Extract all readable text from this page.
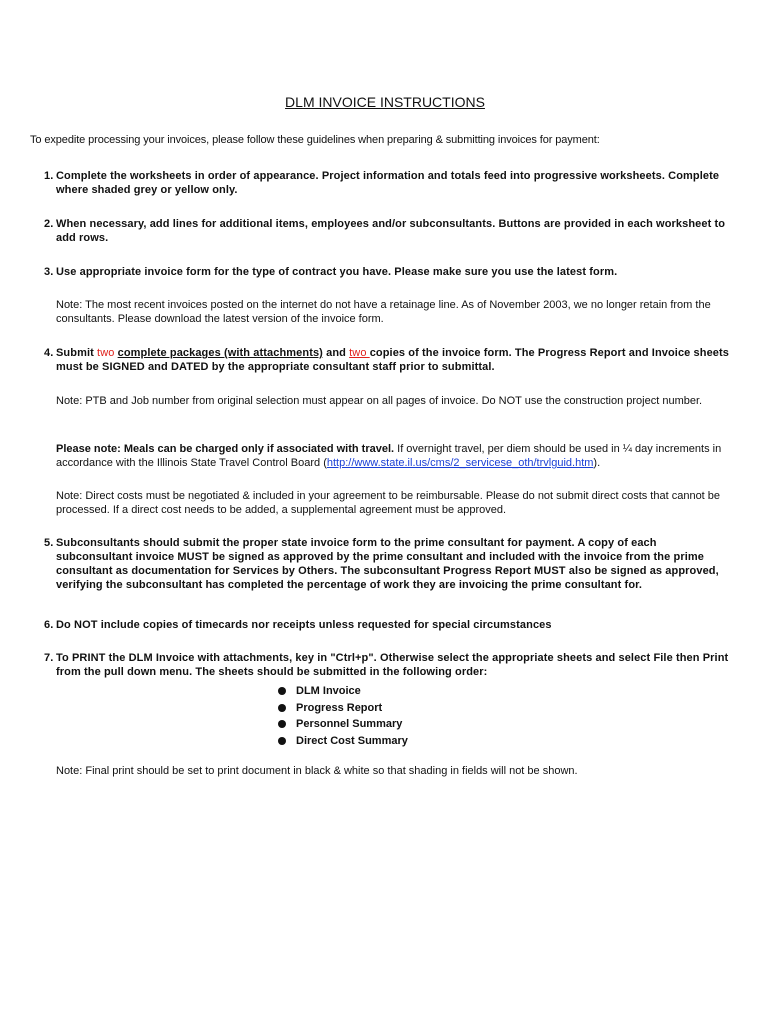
DLM INVOICE INSTRUCTIONS
To expedite processing your invoices, please follow these guidelines when preparing & submitting invoices for payment:
1. Complete the worksheets in order of appearance. Project information and totals feed into progressive worksheets. Complete where shaded grey or yellow only.
2. When necessary, add lines for additional items, employees and/or subconsultants. Buttons are provided in each worksheet to add rows.
3. Use appropriate invoice form for the type of contract you have. Please make sure you use the latest form.
Note: The most recent invoices posted on the internet do not have a retainage line. As of November 2003, we no longer retain from the consultants. Please download the latest version of the invoice form.
4. Submit two complete packages (with attachments) and two copies of the invoice form. The Progress Report and Invoice sheets must be SIGNED and DATED by the appropriate consultant staff prior to submittal.
Note: PTB and Job number from original selection must appear on all pages of invoice. Do NOT use the construction project number.
Please note: Meals can be charged only if associated with travel. If overnight travel, per diem should be used in ¼ day increments in accordance with the Illinois State Travel Control Board (http://www.state.il.us/cms/2_servicese_oth/trvlguid.htm).
Note: Direct costs must be negotiated & included in your agreement to be reimbursable. Please do not submit direct costs that cannot be processed. If a direct cost needs to be added, a supplemental agreement must be approved.
5. Subconsultants should submit the proper state invoice form to the prime consultant for payment. A copy of each subconsultant invoice MUST be signed as approved by the prime consultant and included with the invoice from the prime consultant as documentation for Services by Others. The subconsultant Progress Report MUST also be signed as approved, verifying the subconsultant has completed the percentage of work they are invoicing the prime consultant for.
6. Do NOT include copies of timecards nor receipts unless requested for special circumstances
7. To PRINT the DLM Invoice with attachments, key in "Ctrl+p". Otherwise select the appropriate sheets and select File then Print from the pull down menu. The sheets should be submitted in the following order:
DLM Invoice
Progress Report
Personnel Summary
Direct Cost Summary
Note: Final print should be set to print document in black & white so that shading in fields will not be shown.
